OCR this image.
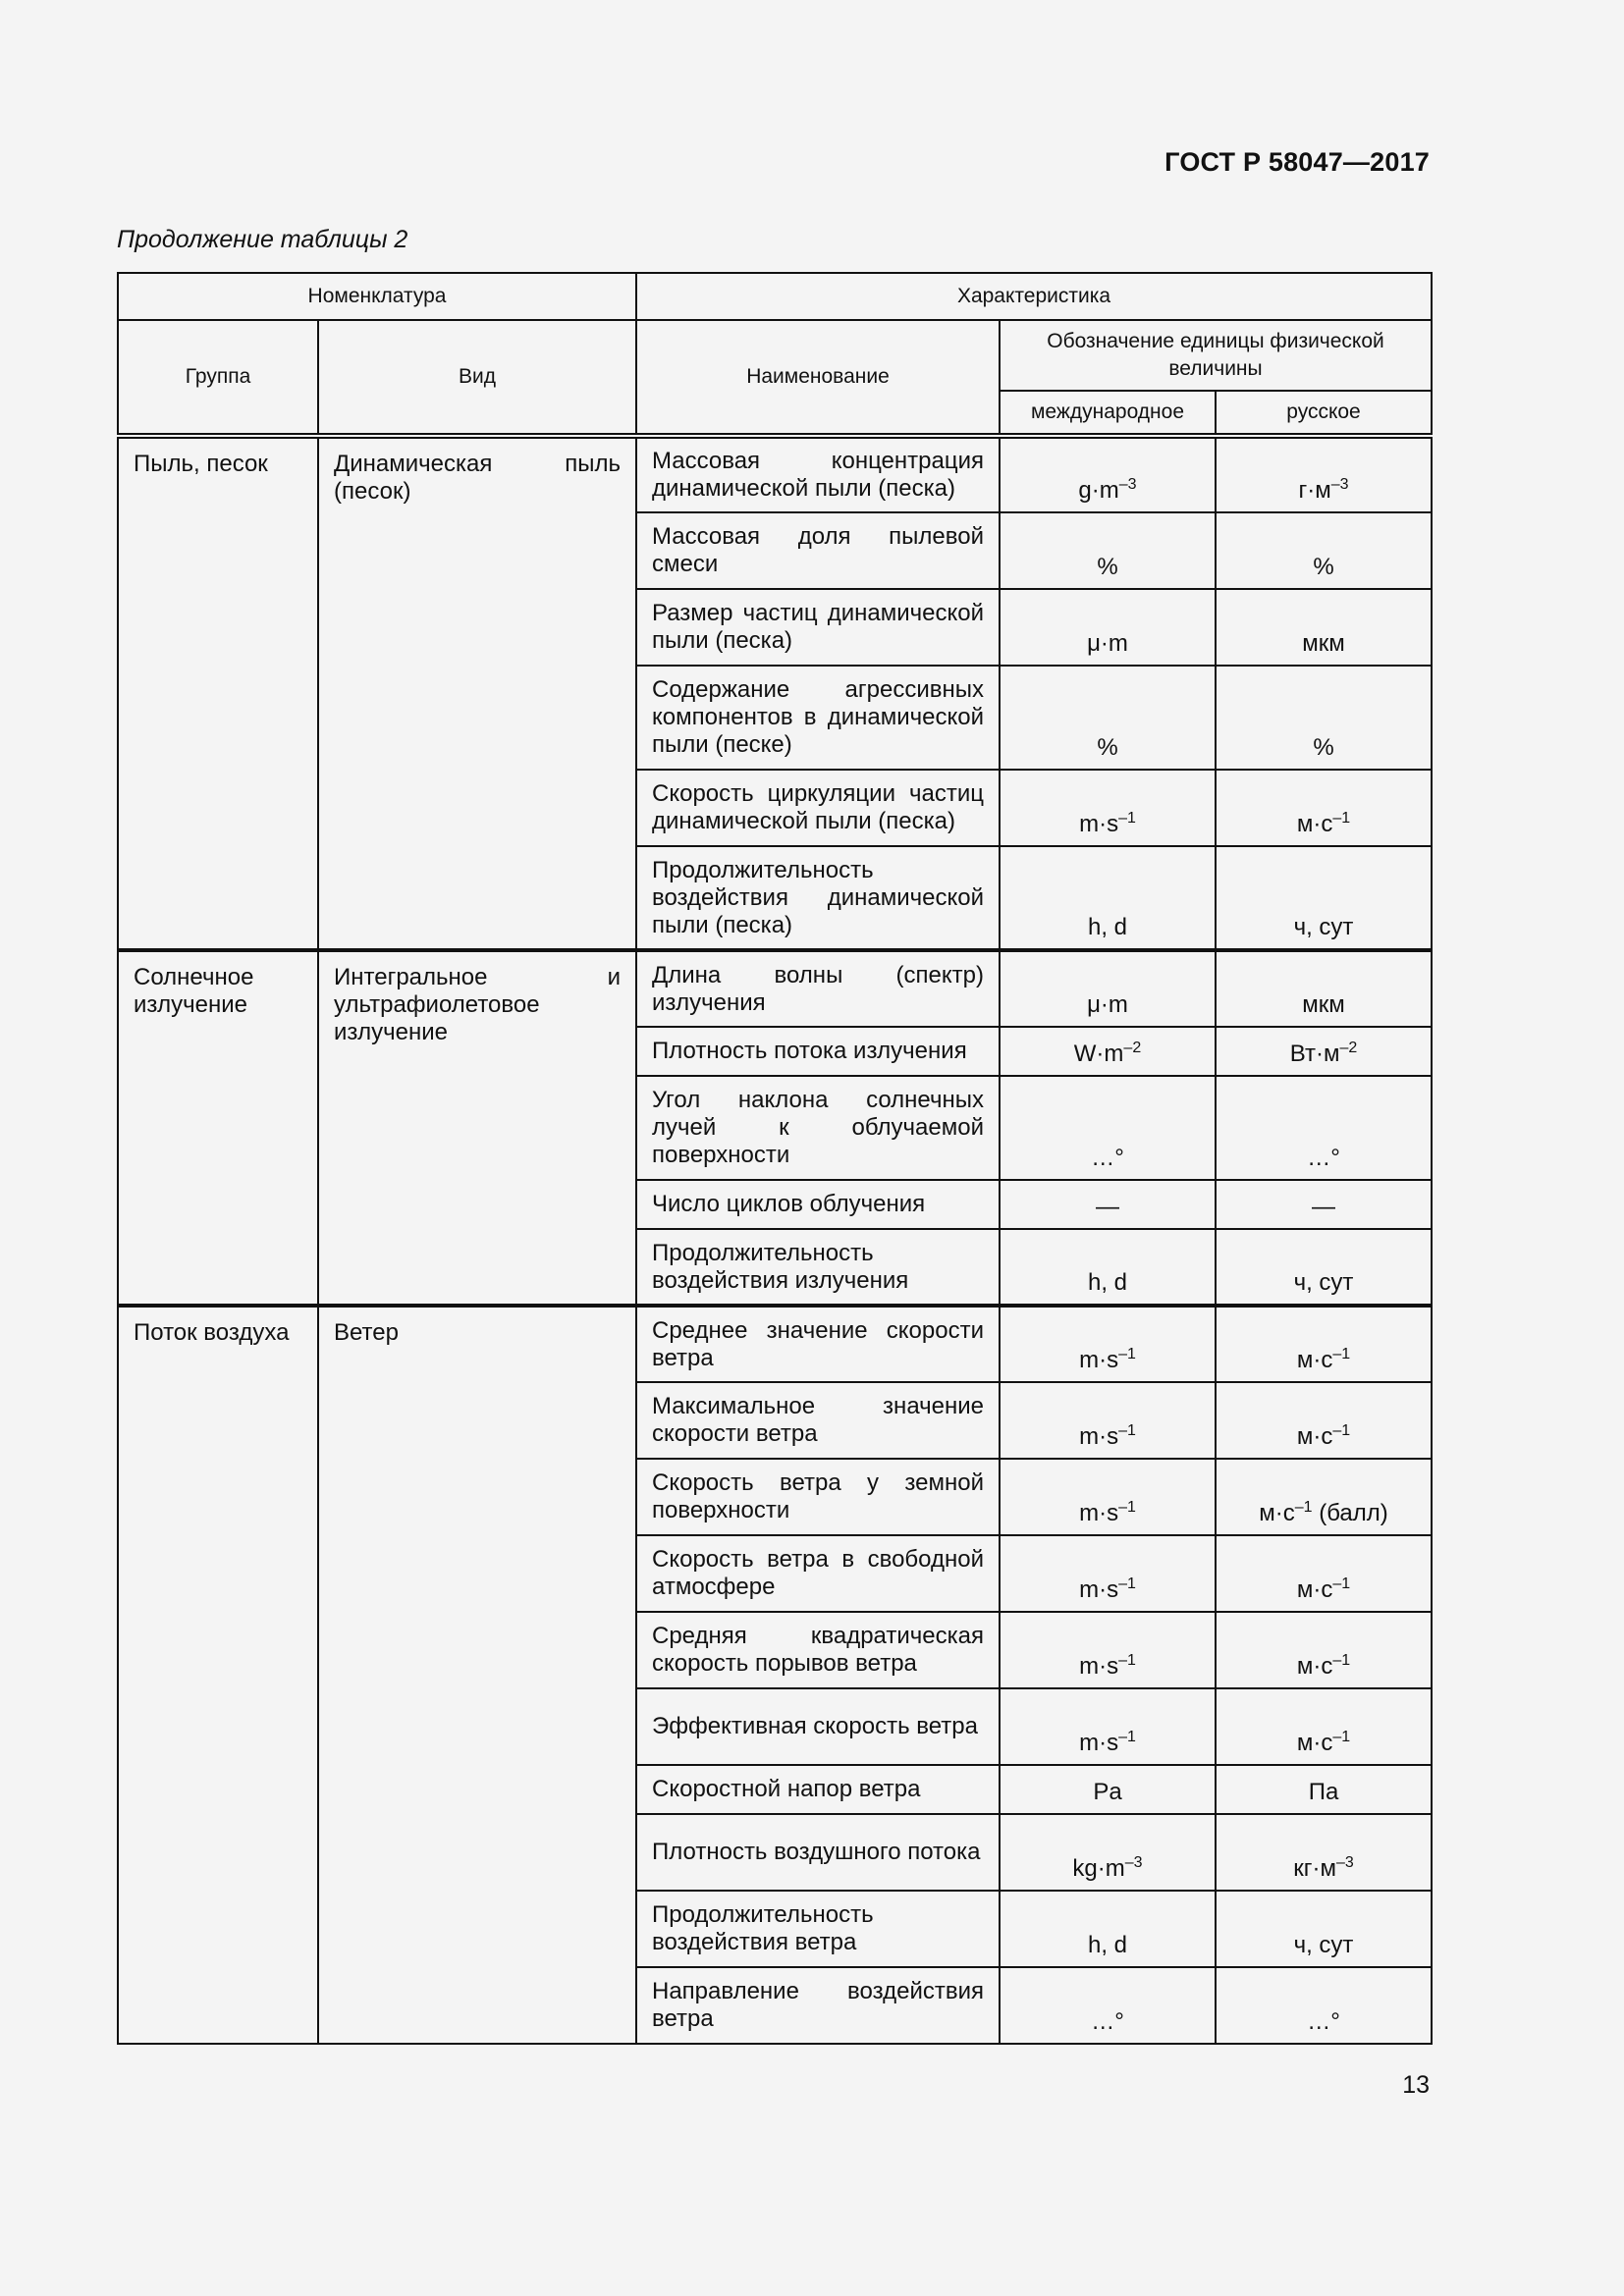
ГОСТ Р 58047—2017
Продолжение таблицы 2
Номенклатура		Характеристика		
Группа	Вид	Наименование	Обозначение единицы физической величины	
			международное	русское
Пыль, песок	Динамическая пыль (песок)	Массовая концентрация динамической пыли (песка)	$g\cdot m^{-3}$	$г\cdot м^{-3}$
		Массовая доля пылевой смеси	%	%
		Размер частиц динамической пыли (песка)	μ·m	мкм
		Содержание агрессивных компонентов в динамической пыли (песке)	%	%
		Скорость циркуляции частиц динамической пыли (песка)	$m\cdot s^{-1}$	$м\cdot с^{-1}$
		Продолжительность воздействия динамической пыли (песка)	h, d	ч, сут
Солнечное излучение	Интегральное и ультрафиолетовое излучение	Длина волны (спектр) излучения	μ·m	мкм
		Плотность потока излучения	$W\cdot m^{-2}$	$Вт\cdot м^{-2}$
		Угол наклона солнечных лучей к облучаемой поверхности	…°	…°
		Число циклов облучения	—	—
		Продолжительность воздействия излучения	h, d	ч, сут
Поток воздуха	Ветер	Среднее значение скорости ветра	$m\cdot s^{-1}$	$м\cdot с^{-1}$
		Максимальное значение скорости ветра	$m\cdot s^{-1}$	$м\cdot с^{-1}$
		Скорость ветра у земной поверхности	$m\cdot s^{-1}$	$м\cdot с^{-1}$ (балл)
		Скорость ветра в свободной атмосфере	$m\cdot s^{-1}$	$м\cdot с^{-1}$
		Средняя квадратическая скорость порывов ветра	$m\cdot s^{-1}$	$м\cdot с^{-1}$
		Эффективная скорость ветра	$m\cdot s^{-1}$	$м\cdot с^{-1}$
		Скоростной напор ветра	Pa	Па
		Плотность воздушного потока	$kg\cdot m^{-3}$	$кг\cdot м^{-3}$
		Продолжительность воздействия ветра	h, d	ч, сут
		Направление воздействия ветра	…°	…°
13
